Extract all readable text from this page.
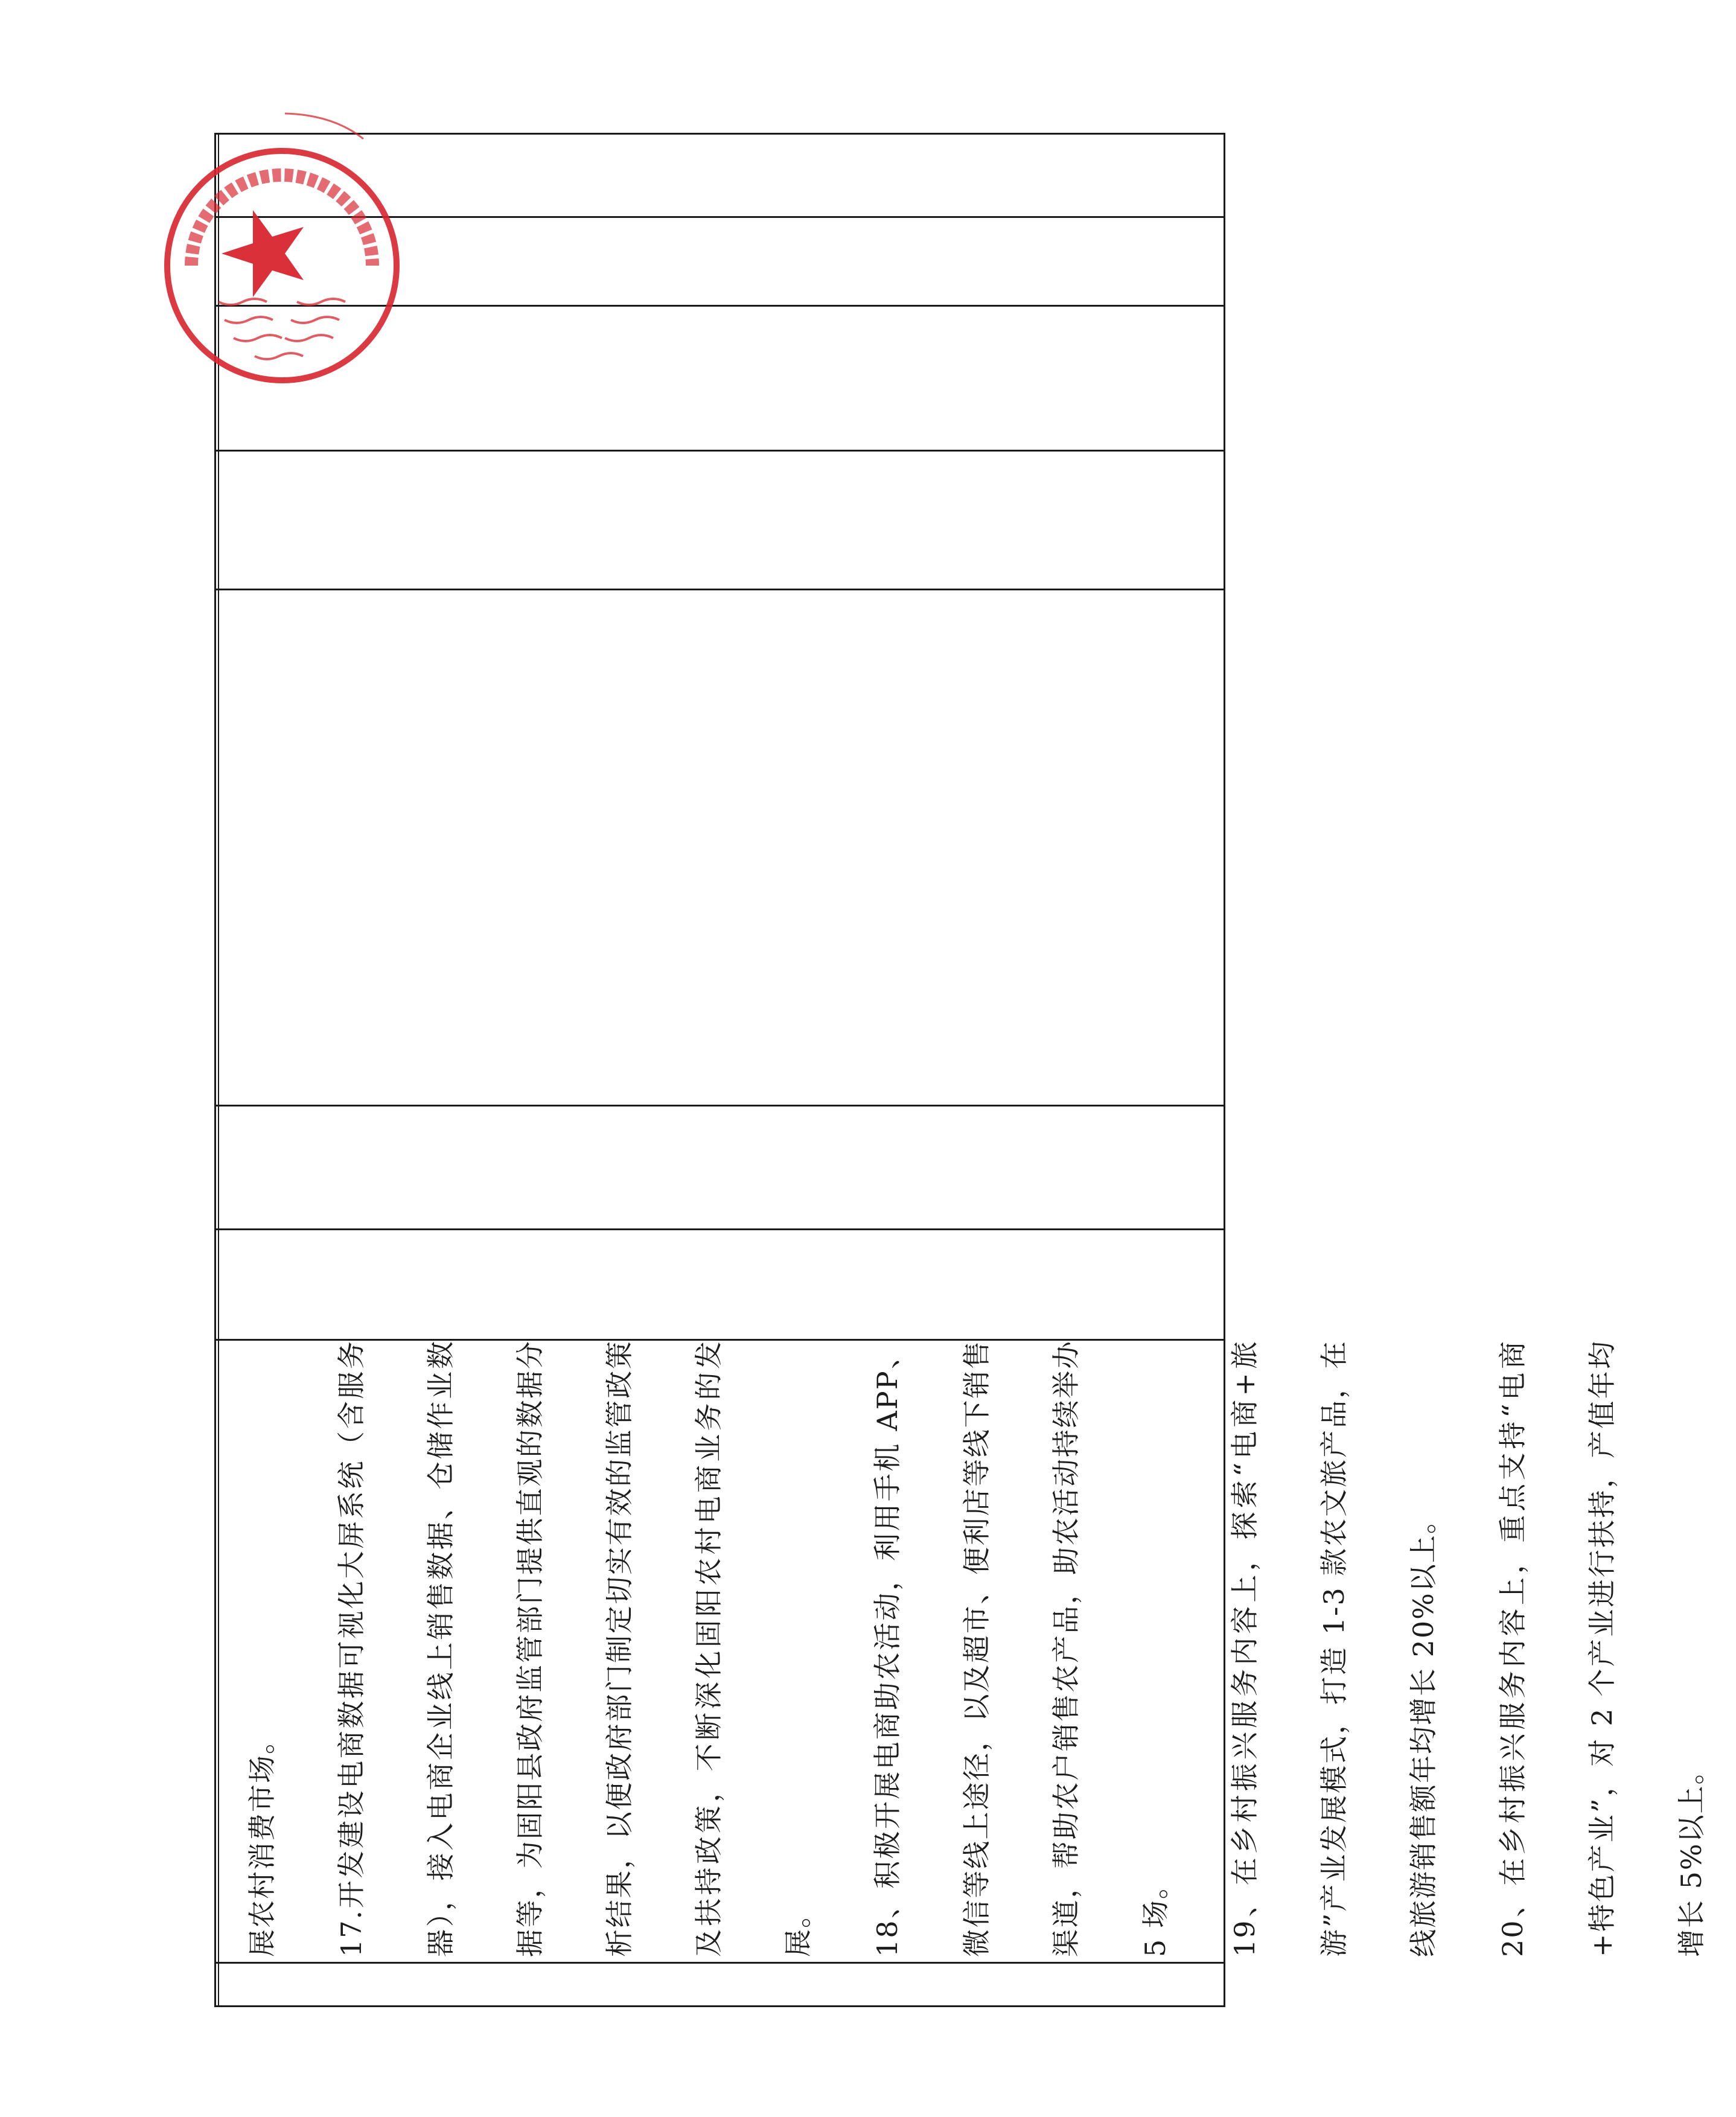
展农村消费市场。	17.开发建设电商数据可视化大屏系统（含服务器），接入电商企业线上销售数据、仓储作业数据等，为固阳县政府监管部门提供直观的数据分析结果，以便政府部门制定切实有效的监管政策及扶持政策，不断深化固阳农村电商业务的发展。	18、积极开展电商助农活动，利用手机 APP、微信等线上途径，以及超市、便利店等线下销售渠道，帮助农户销售农产品，助农活动持续举办 5 场。	19、在乡村振兴服务内容上，探索“电商+旅游”产业发展模式，打造 1-3 款农文旅产品，在线旅游销售额年均增长 20%以上。	20、在乡村振兴服务内容上，重点支持“电商+特色产业”，对 2 个产业进行扶持，产值年均增长 5%以上。
